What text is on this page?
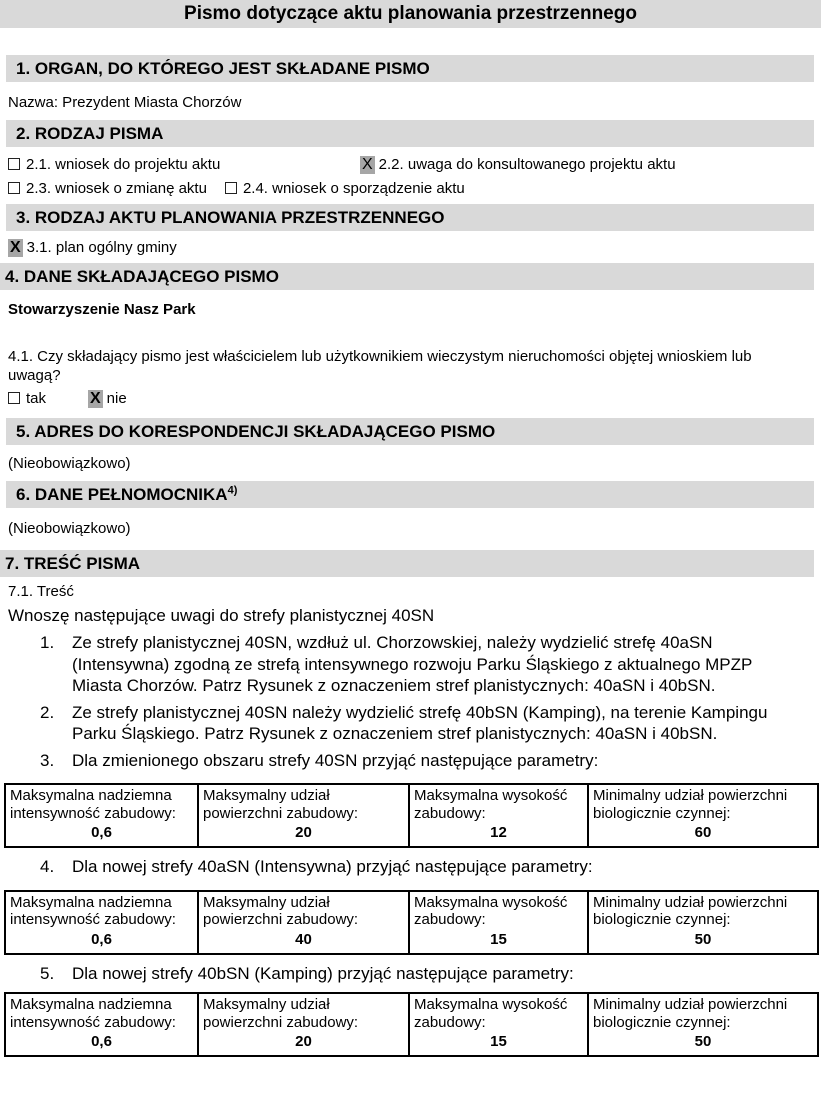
Pismo dotyczące aktu planowania przestrzennego
1. ORGAN, DO KTÓREGO JEST SKŁADANE PISMO
Nazwa: Prezydent Miasta Chorzów
2. RODZAJ PISMA
2.1. wniosek do projektu aktu	X 2.2. uwaga do konsultowanego projektu aktu
2.3. wniosek o zmianę aktu	2.4. wniosek o sporządzenie aktu
3. RODZAJ AKTU PLANOWANIA PRZESTRZENNEGO
X 3.1. plan ogólny gminy
4. DANE SKŁADAJĄCEGO PISMO
Stowarzyszenie Nasz Park
4.1. Czy składający pismo jest właścicielem lub użytkownikiem wieczystym nieruchomości objętej wnioskiem lub uwagą?
tak	X nie
5. ADRES DO KORESPONDENCJI SKŁADAJĄCEGO PISMO
(Nieobowiązkowo)
6. DANE PEŁNOMOCNIKA$^{4)}$
(Nieobowiązkowo)
7. TREŚĆ PISMA
7.1. Treść
Wnoszę następujące uwagi do strefy planistycznej 40SN
1.	Ze strefy planistycznej 40SN, wzdłuż ul. Chorzowskiej, należy wydzielić strefę 40aSN (Intensywna) zgodną ze strefą intensywnego rozwoju Parku Śląskiego z aktualnego MPZP Miasta Chorzów. Patrz Rysunek z oznaczeniem stref planistycznych: 40aSN i 40bSN.
2.	Ze strefy planistycznej 40SN należy wydzielić strefę 40bSN (Kamping), na terenie Kampingu Parku Śląskiego. Patrz Rysunek z oznaczeniem stref planistycznych: 40aSN i 40bSN.
3.	Dla zmienionego obszaru strefy 40SN przyjąć następujące parametry:
Maksymalna nadziemna intensywność zabudowy:
0,6

Maksymalny udział powierzchni zabudowy:
20

Maksymalna wysokość zabudowy:
12

Minimalny udział powierzchni biologicznie czynnej:
60
4.	Dla nowej strefy 40aSN (Intensywna) przyjąć następujące parametry:
Maksymalna nadziemna intensywność zabudowy:
0,6

Maksymalny udział powierzchni zabudowy:
40

Maksymalna wysokość zabudowy:
15

Minimalny udział powierzchni biologicznie czynnej:
50
5.	Dla nowej strefy 40bSN (Kamping) przyjąć następujące parametry:
Maksymalna nadziemna intensywność zabudowy:
0,6

Maksymalny udział powierzchni zabudowy:
20

Maksymalna wysokość zabudowy:
15

Minimalny udział powierzchni biologicznie czynnej:
50
